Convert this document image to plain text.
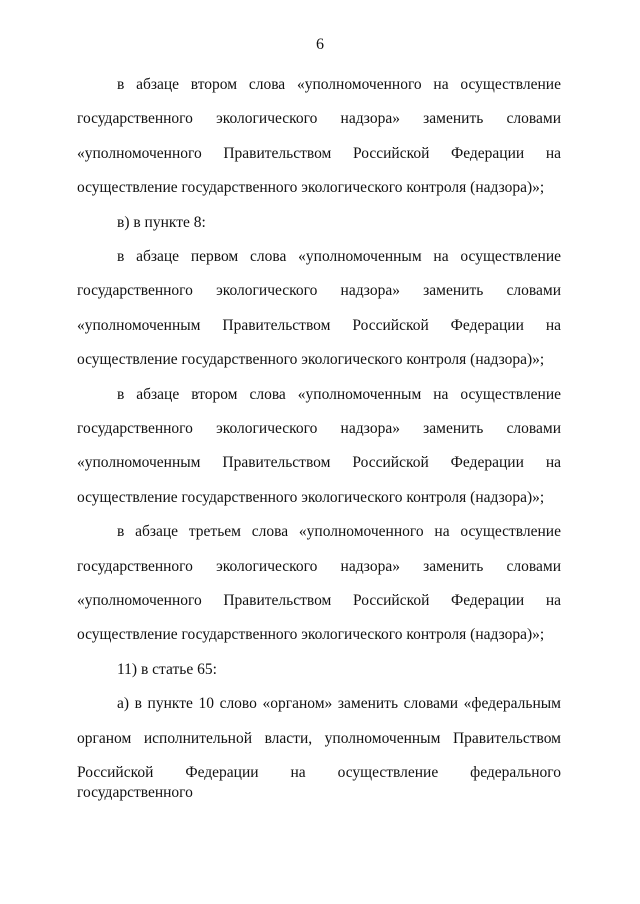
6
в абзаце втором слова «уполномоченного на осуществление
государственного экологического надзора» заменить словами
«уполномоченного Правительством Российской Федерации на
осуществление государственного экологического контроля (надзора)»;
в) в пункте 8:
в абзаце первом слова «уполномоченным на осуществление
государственного экологического надзора» заменить словами
«уполномоченным Правительством Российской Федерации на
осуществление государственного экологического контроля (надзора)»;
в абзаце втором слова «уполномоченным на осуществление
государственного экологического надзора» заменить словами
«уполномоченным Правительством Российской Федерации на
осуществление государственного экологического контроля (надзора)»;
в абзаце третьем слова «уполномоченного на осуществление
государственного экологического надзора» заменить словами
«уполномоченного Правительством Российской Федерации на
осуществление государственного экологического контроля (надзора)»;
11) в статье 65:
а) в пункте 10 слово «органом» заменить словами «федеральным
органом исполнительной власти, уполномоченным Правительством
Российской Федерации на осуществление федерального государственного
